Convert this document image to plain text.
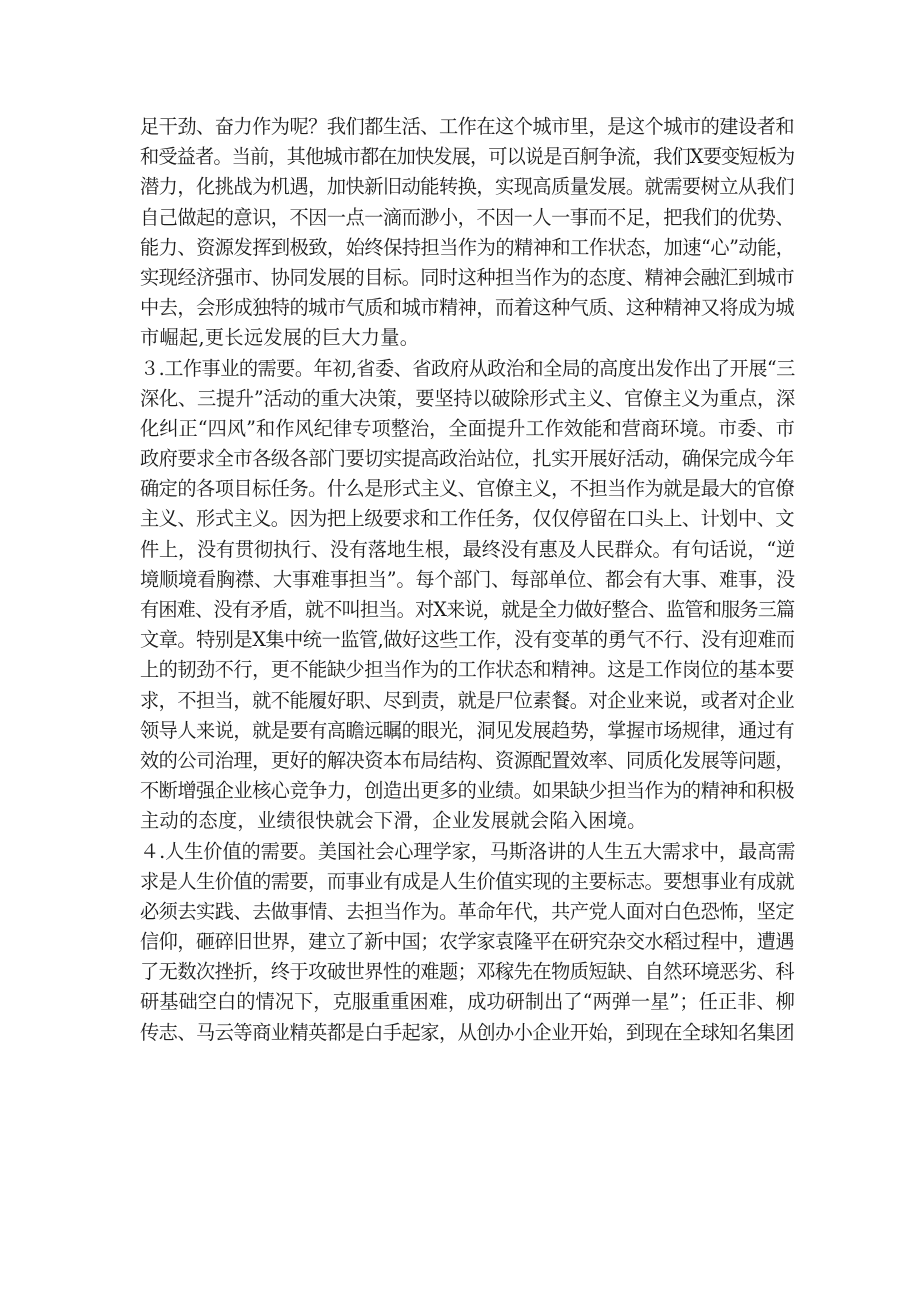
足干劲、奋力作为呢？我们都生活、工作在这个城市里，是这个城市的建设者和
和受益者。当前，其他城市都在加快发展，可以说是百舸争流，我们X要变短板为
潜力，化挑战为机遇，加快新旧动能转换，实现高质量发展。就需要树立从我们
自己做起的意识，不因一点一滴而渺小，不因一人一事而不足，把我们的优势、
能力、资源发挥到极致，始终保持担当作为的精神和工作状态，加速“心”动能，
实现经济强市、协同发展的目标。同时这种担当作为的态度、精神会融汇到城市
中去，会形成独特的城市气质和城市精神，而着这种气质、这种精神又将成为城
市崛起,更长远发展的巨大力量。
３.工作事业的需要。年初,省委、省政府从政治和全局的高度出发作出了开展“三
深化、三提升”活动的重大决策，要坚持以破除形式主义、官僚主义为重点，深
化纠正“四风”和作风纪律专项整治，全面提升工作效能和营商环境。市委、市
政府要求全市各级各部门要切实提高政治站位，扎实开展好活动，确保完成今年
确定的各项目标任务。什么是形式主义、官僚主义，不担当作为就是最大的官僚
主义、形式主义。因为把上级要求和工作任务，仅仅停留在口头上、计划中、文
件上，没有贯彻执行、没有落地生根，最终没有惠及人民群众。有句话说，“逆
境顺境看胸襟、大事难事担当”。每个部门、每部单位、都会有大事、难事，没
有困难、没有矛盾，就不叫担当。对X来说，就是全力做好整合、监管和服务三篇
文章。特别是X集中统一监管,做好这些工作，没有变革的勇气不行、没有迎难而
上的韧劲不行，更不能缺少担当作为的工作状态和精神。这是工作岗位的基本要
求，不担当，就不能履好职、尽到责，就是尸位素餐。对企业来说，或者对企业
领导人来说，就是要有高瞻远瞩的眼光，洞见发展趋势，掌握市场规律，通过有
效的公司治理，更好的解决资本布局结构、资源配置效率、同质化发展等问题，
不断增强企业核心竞争力，创造出更多的业绩。如果缺少担当作为的精神和积极
主动的态度，业绩很快就会下滑，企业发展就会陷入困境。
４.人生价值的需要。美国社会心理学家，马斯洛讲的人生五大需求中，最高需
求是人生价值的需要，而事业有成是人生价值实现的主要标志。要想事业有成就
必须去实践、去做事情、去担当作为。革命年代，共产党人面对白色恐怖，坚定
信仰，砸碎旧世界，建立了新中国；农学家袁隆平在研究杂交水稻过程中，遭遇
了无数次挫折，终于攻破世界性的难题；邓稼先在物质短缺、自然环境恶劣、科
研基础空白的情况下，克服重重困难，成功研制出了“两弹一星”；任正非、柳
传志、马云等商业精英都是白手起家，从创办小企业开始，到现在全球知名集团
